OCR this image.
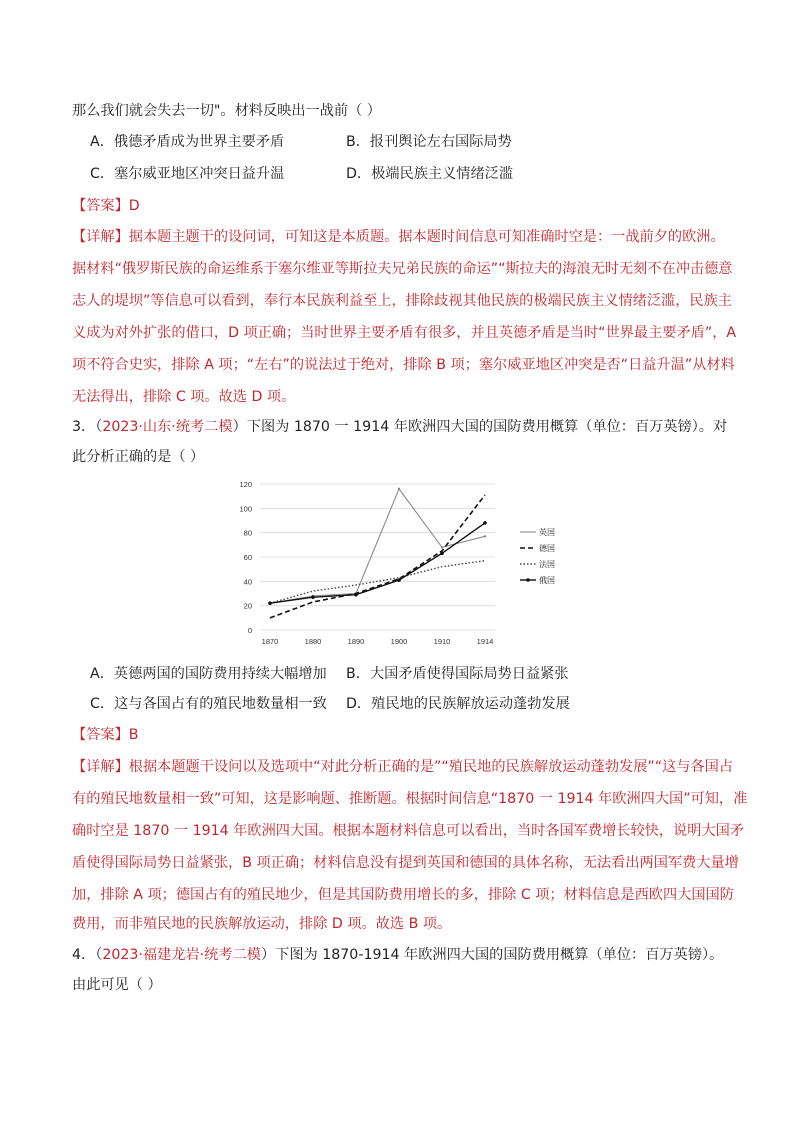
那么我们就会失去一切"。材料反映出一战前（ ）
A．俄德矛盾成为世界主要矛盾	B．报刊舆论左右国际局势
C．塞尔威亚地区冲突日益升温	D．极端民族主义情绪泛滥
【答案】D
【详解】据本题主题干的设问词，可知这是本质题。据本题时间信息可知准确时空是：一战前夕的欧洲。
据材料“俄罗斯民族的命运维系于塞尔维亚等斯拉夫兄弟民族的命运”“斯拉夫的海浪无时无刻不在冲击德意
志人的堤坝”等信息可以看到，奉行本民族利益至上，排除歧视其他民族的极端民族主义情绪泛滥，民族主
义成为对外扩张的借口，D 项正确；当时世界主要矛盾有很多，并且英德矛盾是当时“世界最主要矛盾”，A
项不符合史实，排除 A 项；“左右”的说法过于绝对，排除 B 项；塞尔威亚地区冲突是否“日益升温”从材料
无法得出，排除 C 项。故选 D 项。
3．（2023·山东·统考二模）下图为 1870 一 1914 年欧洲四大国的国防费用概算（单位：百万英镑）。对
此分析正确的是（ ）
0
20
40
60
80
100
120
1870	1880	1890	1900	1910	1914
英国
德国
法国
俄国
A．英德两国的国防费用持续大幅增加 B．大国矛盾使得国际局势日益紧张
C．这与各国占有的殖民地数量相一致 D．殖民地的民族解放运动蓬勃发展
【答案】B
【详解】根据本题题干设问以及选项中“对此分析正确的是”“殖民地的民族解放运动蓬勃发展”“这与各国占
有的殖民地数量相一致”可知，这是影响题、推断题。根据时间信息“1870 一 1914 年欧洲四大国”可知，准
确时空是 1870 一 1914 年欧洲四大国。根据本题材料信息可以看出，当时各国军费增长较快，说明大国矛
盾使得国际局势日益紧张，B 项正确；材料信息没有提到英国和德国的具体名称，无法看出两国军费大量增
加，排除 A 项；德国占有的殖民地少，但是其国防费用增长的多，排除 C 项；材料信息是西欧四大国国防
费用，而非殖民地的民族解放运动，排除 D 项。故选 B 项。
4．（2023·福建龙岩·统考二模）下图为 1870-1914 年欧洲四大国的国防费用概算（单位：百万英镑）。
由此可见（ ）
